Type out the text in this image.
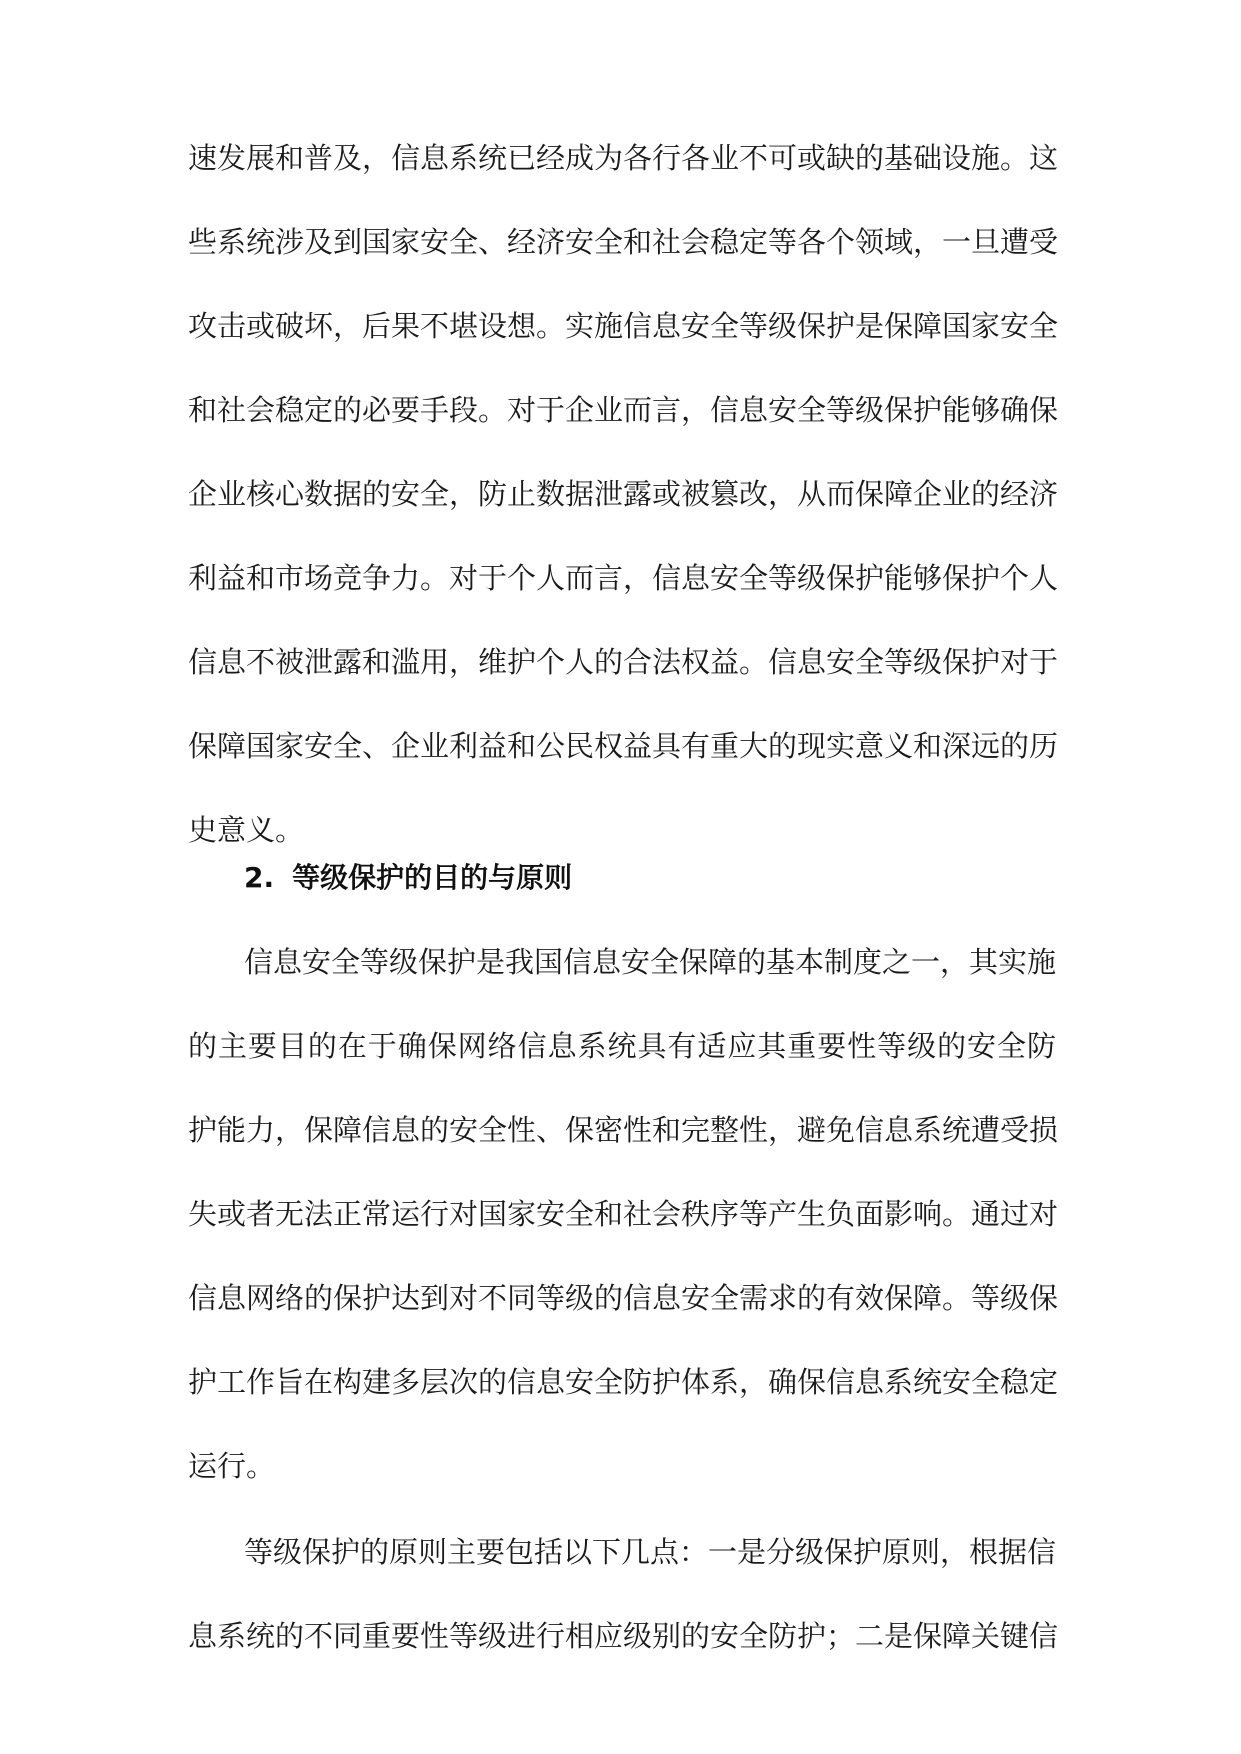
速发展和普及，信息系统已经成为各行各业不可或缺的基础设施。这
些系统涉及到国家安全、经济安全和社会稳定等各个领域，一旦遭受
攻击或破坏，后果不堪设想。实施信息安全等级保护是保障国家安全
和社会稳定的必要手段。对于企业而言，信息安全等级保护能够确保
企业核心数据的安全，防止数据泄露或被篡改，从而保障企业的经济
利益和市场竞争力。对于个人而言，信息安全等级保护能够保护个人
信息不被泄露和滥用，维护个人的合法权益。信息安全等级保护对于
保障国家安全、企业利益和公民权益具有重大的现实意义和深远的历
史意义。
2. 等级保护的目的与原则
信息安全等级保护是我国信息安全保障的基本制度之一，其实施
的主要目的在于确保网络信息系统具有适应其重要性等级的安全防
护能力，保障信息的安全性、保密性和完整性，避免信息系统遭受损
失或者无法正常运行对国家安全和社会秩序等产生负面影响。通过对
信息网络的保护达到对不同等级的信息安全需求的有效保障。等级保
护工作旨在构建多层次的信息安全防护体系，确保信息系统安全稳定
运行。
等级保护的原则主要包括以下几点：一是分级保护原则，根据信
息系统的不同重要性等级进行相应级别的安全防护；二是保障关键信
